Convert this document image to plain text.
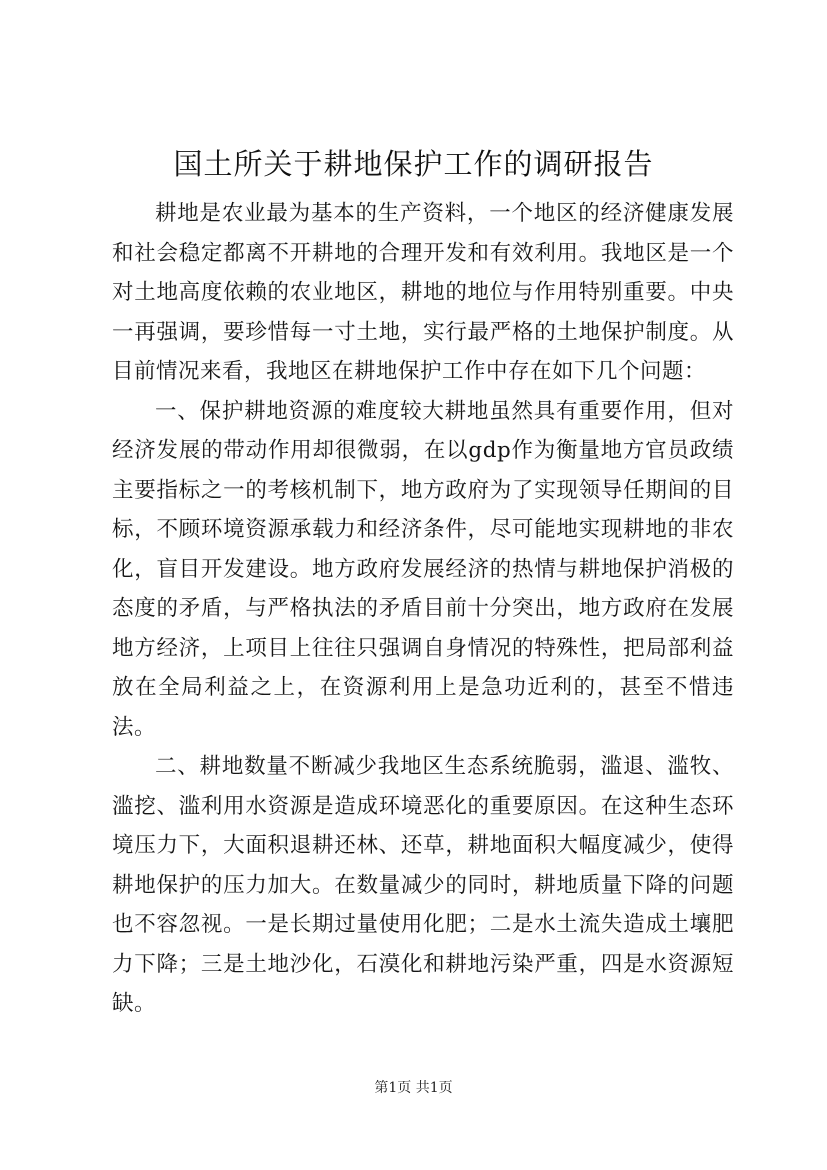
国土所关于耕地保护工作的调研报告

耕地是农业最为基本的生产资料，一个地区的经济健康发展和社会稳定都离不开耕地的合理开发和有效利用。我地区是一个对土地高度依赖的农业地区，耕地的地位与作用特别重要。中央一再强调，要珍惜每一寸土地，实行最严格的土地保护制度。从目前情况来看，我地区在耕地保护工作中存在如下几个问题：

一、保护耕地资源的难度较大耕地虽然具有重要作用，但对经济发展的带动作用却很微弱，在以gdp作为衡量地方官员政绩主要指标之一的考核机制下，地方政府为了实现领导任期间的目标，不顾环境资源承载力和经济条件，尽可能地实现耕地的非农化，盲目开发建设。地方政府发展经济的热情与耕地保护消极的态度的矛盾，与严格执法的矛盾目前十分突出，地方政府在发展地方经济，上项目上往往只强调自身情况的特殊性，把局部利益放在全局利益之上，在资源利用上是急功近利的，甚至不惜违法。

二、耕地数量不断减少我地区生态系统脆弱，滥退、滥牧、滥挖、滥利用水资源是造成环境恶化的重要原因。在这种生态环境压力下，大面积退耕还林、还草，耕地面积大幅度减少，使得耕地保护的压力加大。在数量减少的同时，耕地质量下降的问题也不容忽视。一是长期过量使用化肥；二是水土流失造成土壤肥力下降；三是土地沙化，石漠化和耕地污染严重，四是水资源短缺。

第1页 共1页
